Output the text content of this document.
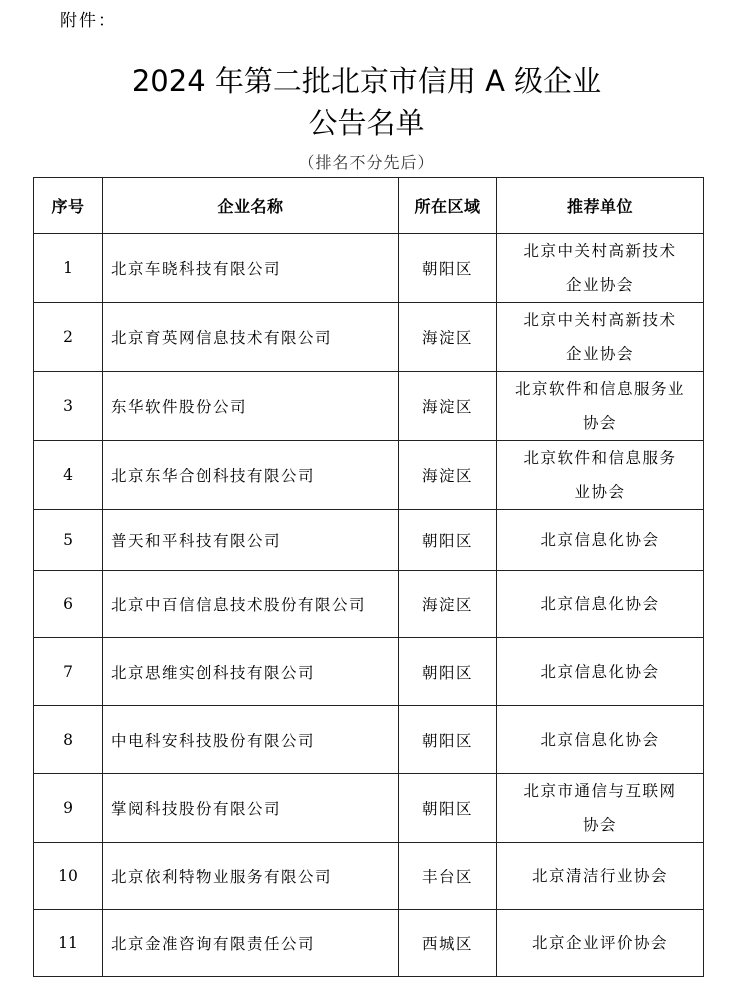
附件：
2024 年第二批北京市信用 A 级企业
公告名单
（排名不分先后）
序号	企业名称	所在区域	推荐单位
1	北京车晓科技有限公司	朝阳区	北京中关村高新技术
企业协会

2	北京育英网信息技术有限公司	海淀区	北京中关村高新技术
企业协会

3	东华软件股份公司	海淀区	北京软件和信息服务业
协会

4	北京东华合创科技有限公司	海淀区	北京软件和信息服务
业协会

5	普天和平科技有限公司	朝阳区	北京信息化协会

6	北京中百信信息技术股份有限公司	海淀区	北京信息化协会

7	北京思维实创科技有限公司	朝阳区	北京信息化协会

8	中电科安科技股份有限公司	朝阳区	北京信息化协会

9	掌阅科技股份有限公司	朝阳区	北京市通信与互联网
协会

10	北京依利特物业服务有限公司	丰台区	北京清洁行业协会

11	北京金准咨询有限责任公司	西城区	北京企业评价协会
